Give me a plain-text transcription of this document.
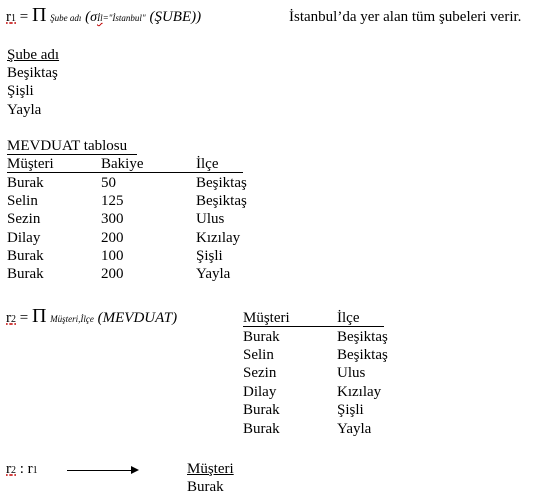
r1 = Π Şube adı (σİl="İstanbul" (ŞUBE))	İstanbul’da yer alan tüm şubeleri verir.
Şube adı
Beşiktaş
Şişli
Yayla
MEVDUAT tablosu
Müşteri	Bakiye	İlçe
Burak	50	Beşiktaş
Selin	125	Beşiktaş
Sezin	300	Ulus
Dilay	200	Kızılay
Burak	100	Şişli
Burak	200	Yayla
r2 = Π Müşteri,İlçe (MEVDUAT)	Müşteri	İlçe
Burak	Beşiktaş
Selin	Beşiktaş
Sezin	Ulus
Dilay	Kızılay
Burak	Şişli
Burak	Yayla
r2 : r1	Müşteri
Burak
